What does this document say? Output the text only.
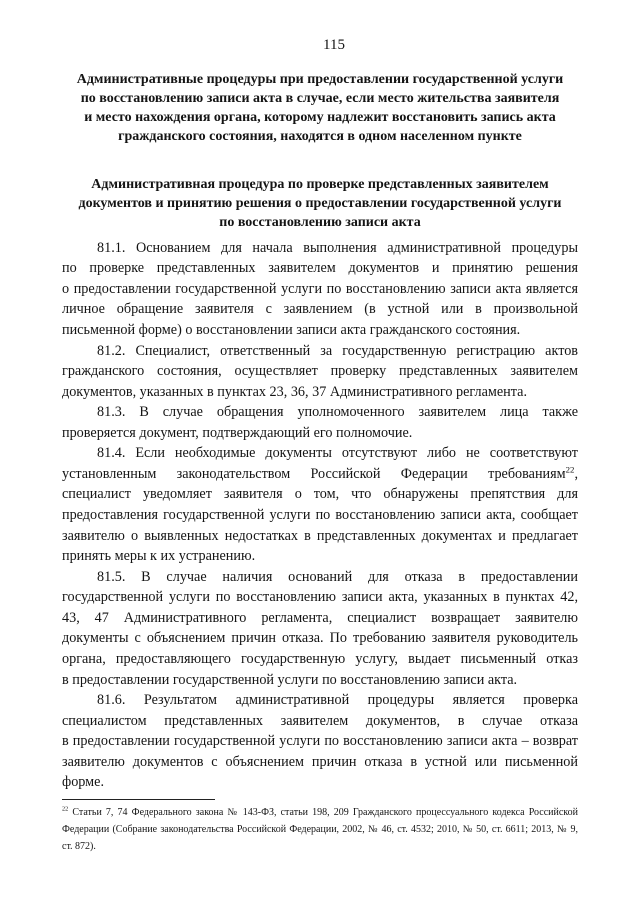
115
Административные процедуры при предоставлении государственной услуги
по восстановлению записи акта в случае, если место жительства заявителя
и место нахождения органа, которому надлежит восстановить запись акта
гражданского состояния, находятся в одном населенном пункте
Административная процедура по проверке представленных заявителем
документов и принятию решения о предоставлении государственной услуги
по восстановлению записи акта
81.1. Основанием для начала выполнения административной процедуры
по проверке представленных заявителем документов и принятию решения
о предоставлении государственной услуги по восстановлению записи акта является
личное обращение заявителя с заявлением (в устной или в произвольной
письменной форме) о восстановлении записи акта гражданского состояния.
81.2. Специалист, ответственный за государственную регистрацию актов
гражданского состояния, осуществляет проверку представленных заявителем
документов, указанных в пунктах 23, 36, 37 Административного регламента.
81.3. В случае обращения уполномоченного заявителем лица также
проверяется документ, подтверждающий его полномочие.
81.4. Если необходимые документы отсутствуют либо не соответствуют
установленным законодательством Российской Федерации требованиям$^{22}$,
специалист уведомляет заявителя о том, что обнаружены препятствия для
предоставления государственной услуги по восстановлению записи акта, сообщает
заявителю о выявленных недостатках в представленных документах и предлагает
принять меры к их устранению.
81.5. В случае наличия оснований для отказа в предоставлении
государственной услуги по восстановлению записи акта, указанных в пунктах 42,
43, 47 Административного регламента, специалист возвращает заявителю
документы с объяснением причин отказа. По требованию заявителя руководитель
органа, предоставляющего государственную услугу, выдает письменный отказ
в предоставлении государственной услуги по восстановлению записи акта.
81.6. Результатом административной процедуры является проверка
специалистом представленных заявителем документов, в случае отказа
в предоставлении государственной услуги по восстановлению записи акта – возврат
заявителю документов с объяснением причин отказа в устной или письменной
форме.
$^{22}$ Статьи 7, 74 Федерального закона № 143-ФЗ, статьи 198, 209 Гражданского процессуального кодекса Российской
Федерации (Собрание законодательства Российской Федерации, 2002, № 46, ст. 4532; 2010, № 50, ст. 6611; 2013, № 9,
ст. 872).
